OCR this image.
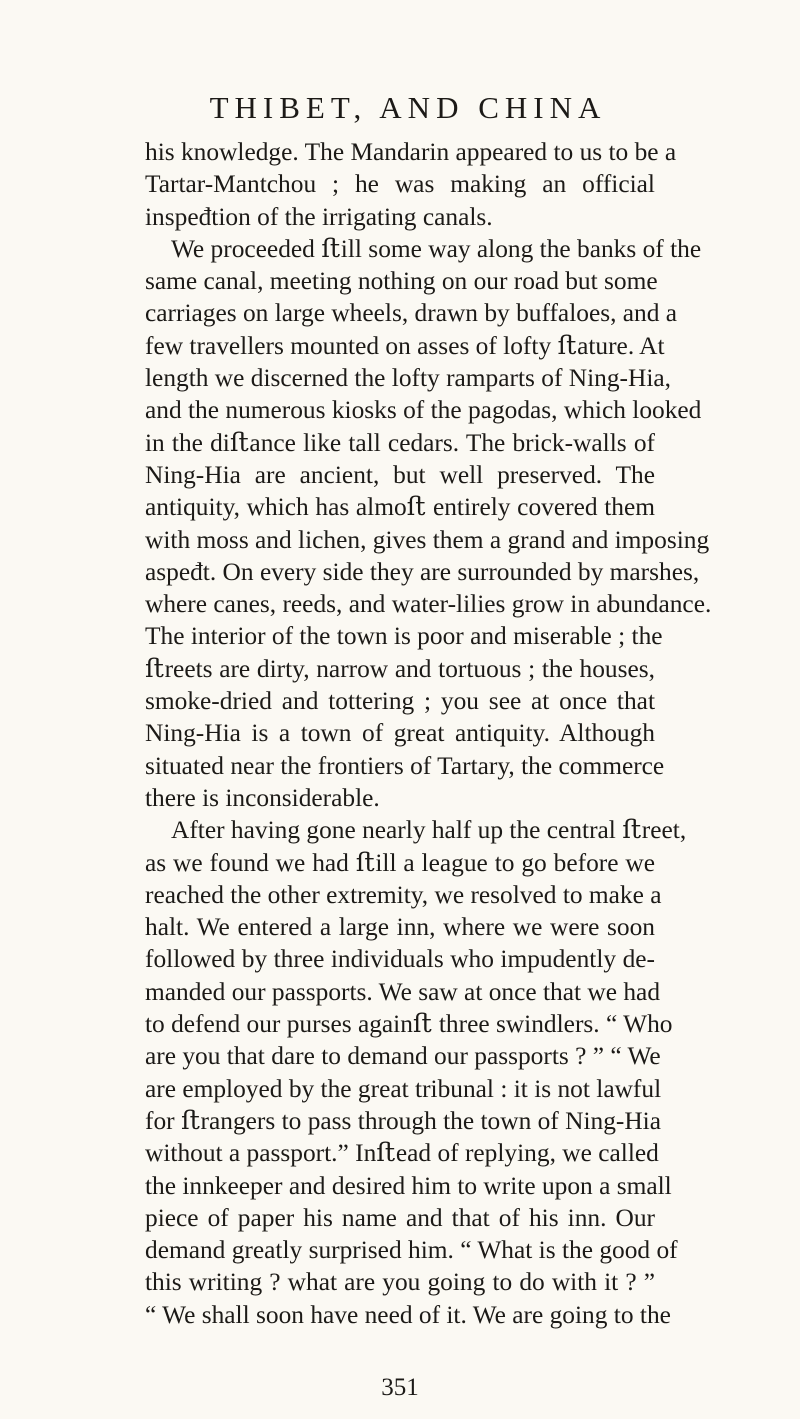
THIBET, AND CHINA
his knowledge. The Mandarin appeared to us to be a
Tartar-Mantchou ; he was making an official
inspeđtion of the irrigating canals.
We proceeded ﬅill some way along the banks of the
same canal, meeting nothing on our road but some
carriages on large wheels, drawn by buffaloes, and a
few travellers mounted on asses of lofty ﬅature. At
length we discerned the lofty ramparts of Ning-Hia,
and the numerous kiosks of the pagodas, which looked
in the diﬅance like tall cedars. The brick-walls of
Ning-Hia are ancient, but well preserved. The
antiquity, which has almoﬅ entirely covered them
with moss and lichen, gives them a grand and imposing
aspeđt. On every side they are surrounded by marshes,
where canes, reeds, and water-lilies grow in abundance.
The interior of the town is poor and miserable ; the
ﬅreets are dirty, narrow and tortuous ; the houses,
smoke-dried and tottering ; you see at once that
Ning-Hia is a town of great antiquity. Although
situated near the frontiers of Tartary, the commerce
there is inconsiderable.
After having gone nearly half up the central ﬅreet,
as we found we had ﬅill a league to go before we
reached the other extremity, we resolved to make a
halt. We entered a large inn, where we were soon
followed by three individuals who impudently de-
manded our passports. We saw at once that we had
to defend our purses againﬅ three swindlers. “ Who
are you that dare to demand our passports ? ” “ We
are employed by the great tribunal : it is not lawful
for ﬅrangers to pass through the town of Ning-Hia
without a passport.” Inﬅead of replying, we called
the innkeeper and desired him to write upon a small
piece of paper his name and that of his inn. Our
demand greatly surprised him. “ What is the good of
this writing ? what are you going to do with it ? ”
“ We shall soon have need of it. We are going to the
351
